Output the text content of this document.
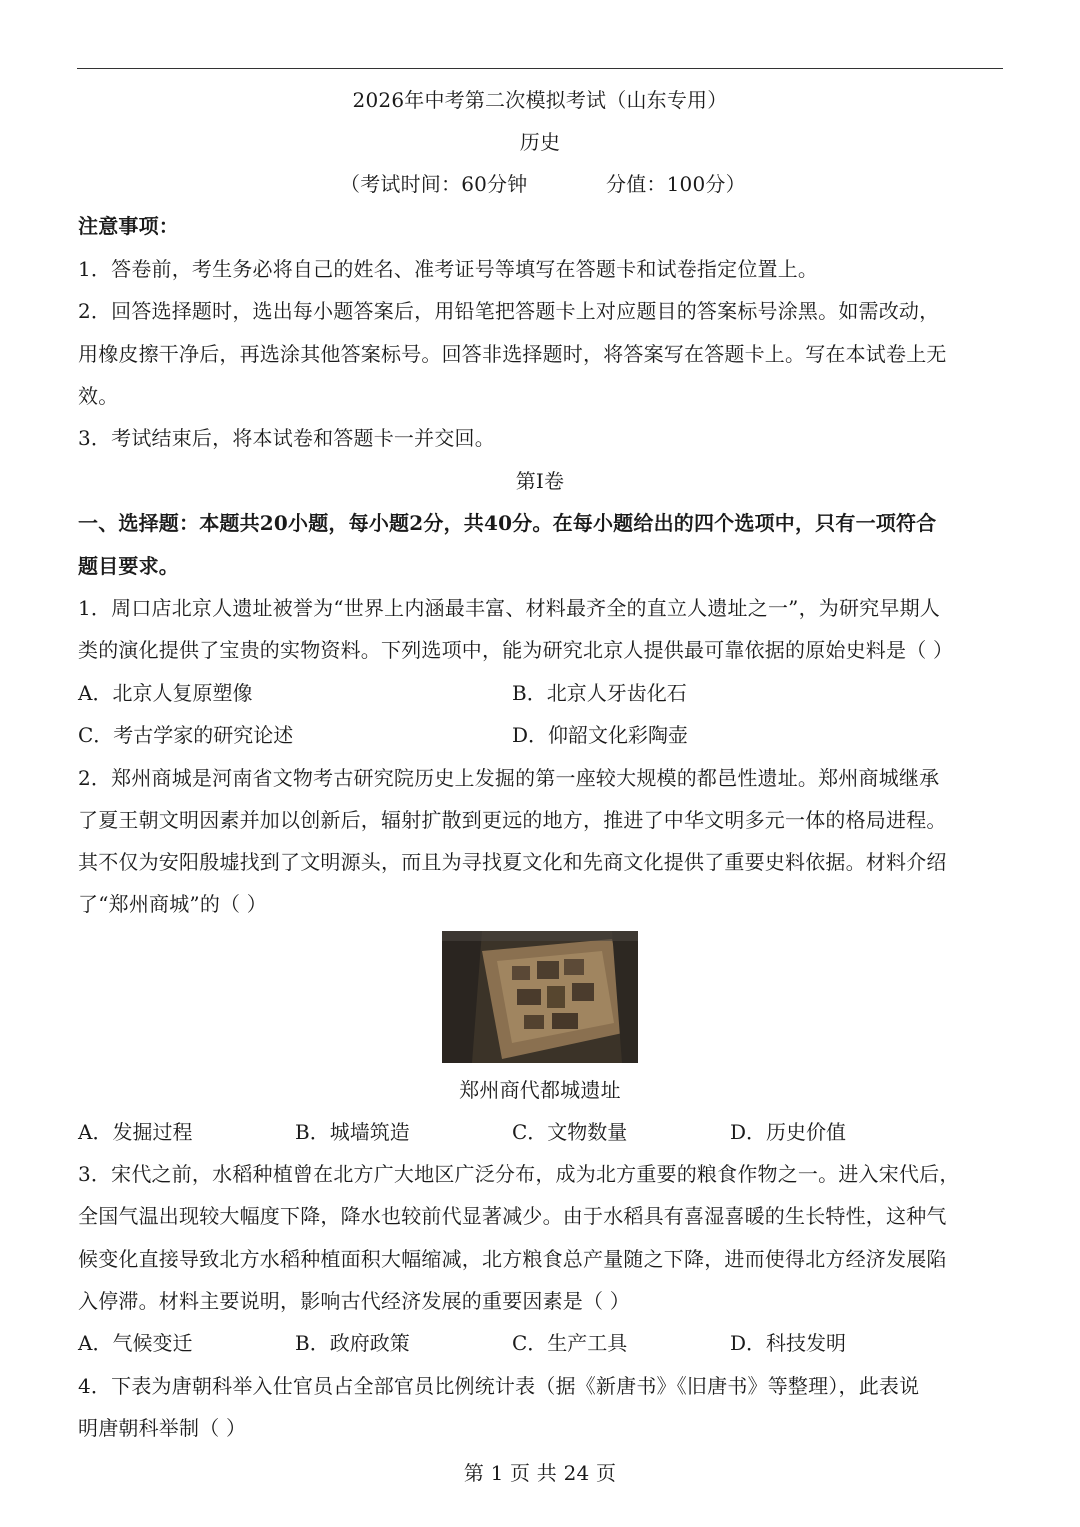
2026年中考第二次模拟考试（山东专用）
历史
（考试时间：60分钟	分值：100分）
注意事项：
1．答卷前，考生务必将自己的姓名、准考证号等填写在答题卡和试卷指定位置上。
2．回答选择题时，选出每小题答案后，用铅笔把答题卡上对应题目的答案标号涂黑。如需改动，
用橡皮擦干净后，再选涂其他答案标号。回答非选择题时，将答案写在答题卡上。写在本试卷上无
效。
3．考试结束后，将本试卷和答题卡一并交回。
第Ⅰ卷
一、选择题：本题共20小题，每小题2分，共40分。在每小题给出的四个选项中，只有一项符合
题目要求。
1．周口店北京人遗址被誉为“世界上内涵最丰富、材料最齐全的直立人遗址之一”，为研究早期人
类的演化提供了宝贵的实物资料。下列选项中，能为研究北京人提供最可靠依据的原始史料是（ ）
A．北京人复原塑像	B．北京人牙齿化石
C．考古学家的研究论述	D．仰韶文化彩陶壶
2．郑州商城是河南省文物考古研究院历史上发掘的第一座较大规模的都邑性遗址。郑州商城继承
了夏王朝文明因素并加以创新后，辐射扩散到更远的地方，推进了中华文明多元一体的格局进程。
其不仅为安阳殷墟找到了文明源头，而且为寻找夏文化和先商文化提供了重要史料依据。材料介绍
了“郑州商城”的（ ）
郑州商代都城遗址
A．发掘过程	B．城墙筑造	C．文物数量	D．历史价值
3．宋代之前，水稻种植曾在北方广大地区广泛分布，成为北方重要的粮食作物之一。进入宋代后，
全国气温出现较大幅度下降，降水也较前代显著减少。由于水稻具有喜湿喜暖的生长特性，这种气
候变化直接导致北方水稻种植面积大幅缩减，北方粮食总产量随之下降，进而使得北方经济发展陷
入停滞。材料主要说明，影响古代经济发展的重要因素是（ ）
A．气候变迁	B．政府政策	C．生产工具	D．科技发明
4．下表为唐朝科举入仕官员占全部官员比例统计表（据《新唐书》《旧唐书》等整理），此表说
明唐朝科举制（ ）
第 1 页 共 24 页
